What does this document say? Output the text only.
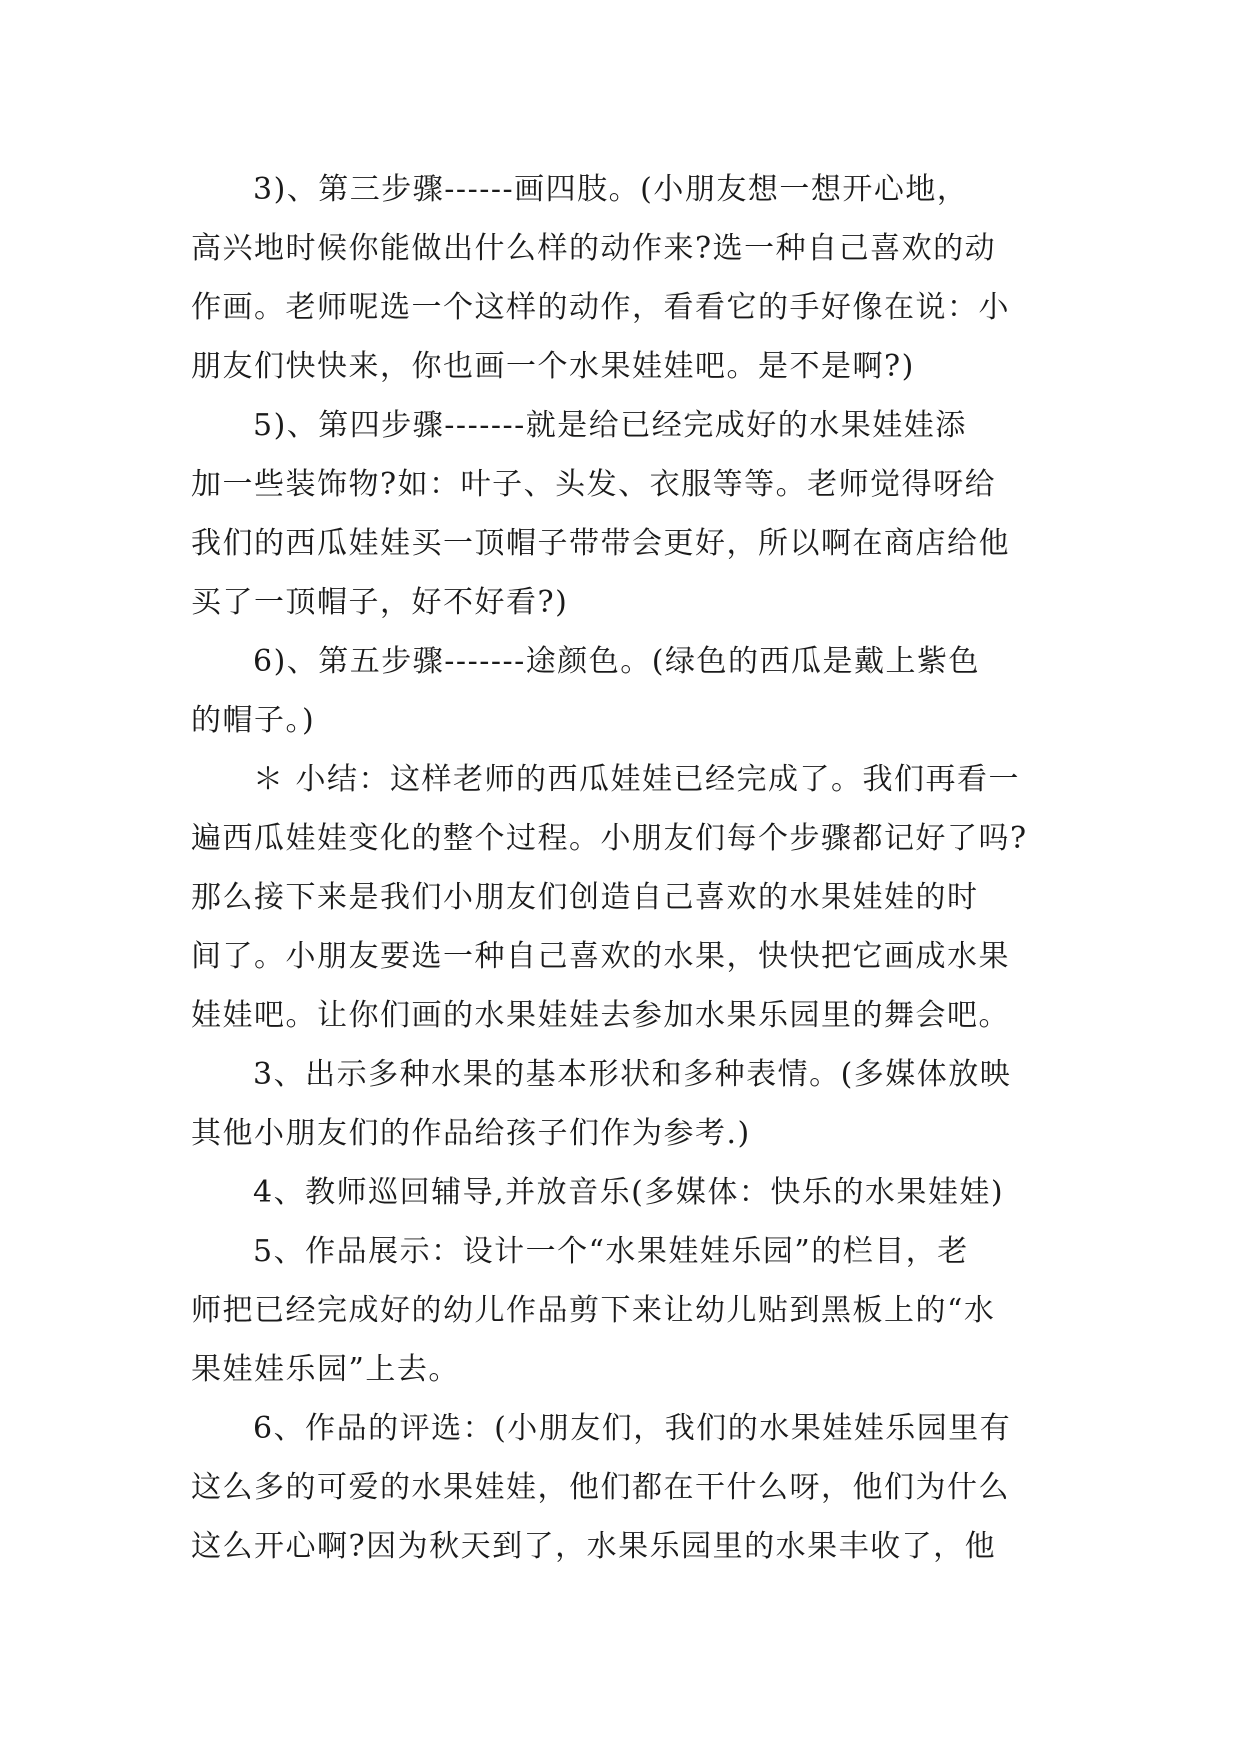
3)、第三步骤------画四肢。(小朋友想一想开心地，
高兴地时候你能做出什么样的动作来?选一种自己喜欢的动
作画。老师呢选一个这样的动作，看看它的手好像在说：小
朋友们快快来，你也画一个水果娃娃吧。是不是啊?)

5)、第四步骤-------就是给已经完成好的水果娃娃添
加一些装饰物?如：叶子、头发、衣服等等。老师觉得呀给
我们的西瓜娃娃买一顶帽子带带会更好，所以啊在商店给他
买了一顶帽子，好不好看?)

6)、第五步骤-------途颜色。(绿色的西瓜是戴上紫色
的帽子。)

＊ 小结：这样老师的西瓜娃娃已经完成了。我们再看一
遍西瓜娃娃变化的整个过程。小朋友们每个步骤都记好了吗?
那么接下来是我们小朋友们创造自己喜欢的水果娃娃的时
间了。小朋友要选一种自己喜欢的水果，快快把它画成水果
娃娃吧。让你们画的水果娃娃去参加水果乐园里的舞会吧。

3、出示多种水果的基本形状和多种表情。(多媒体放映
其他小朋友们的作品给孩子们作为参考.)

4、教师巡回辅导,并放音乐(多媒体：快乐的水果娃娃)

5、作品展示：设计一个“水果娃娃乐园”的栏目，老
师把已经完成好的幼儿作品剪下来让幼儿贴到黑板上的“水
果娃娃乐园”上去。

6、作品的评选：(小朋友们，我们的水果娃娃乐园里有
这么多的可爱的水果娃娃，他们都在干什么呀，他们为什么
这么开心啊?因为秋天到了，水果乐园里的水果丰收了，他
